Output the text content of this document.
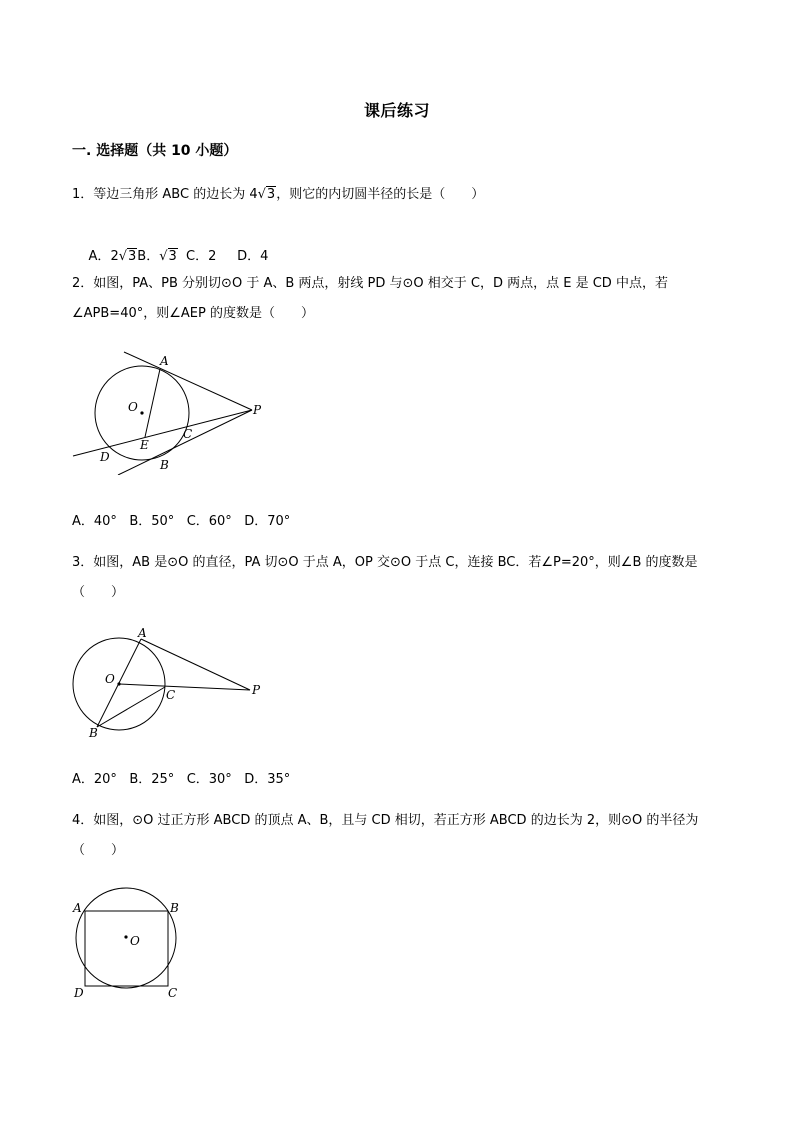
课后练习
一. 选择题（共 10 小题）
1．等边三角形 ABC 的边长为 4√3，则它的内切圆半径的长是（　　）

A．2√3B．√3  C．2     D．4

2．如图，PA、PB 分别切⊙O 于 A、B 两点，射线 PD 与⊙O 相交于 C，D 两点，点 E 是 CD 中点，若∠APB=40°，则∠AEP 的度数是（　　）
A
O	P
C
E
D
B
A．40°   B．50°   C．60°   D．70°
3．如图，AB 是⊙O 的直径，PA 切⊙O 于点 A，OP 交⊙O 于点 C，连接 BC．若∠P=20°，则∠B 的度数是（　　）
A
O
C	P
B
A．20°   B．25°   C．30°   D．35°
4．如图，⊙O 过正方形 ABCD 的顶点 A、B，且与 CD 相切，若正方形 ABCD 的边长为 2，则⊙O 的半径为（　　）
A	B
O
D	C
